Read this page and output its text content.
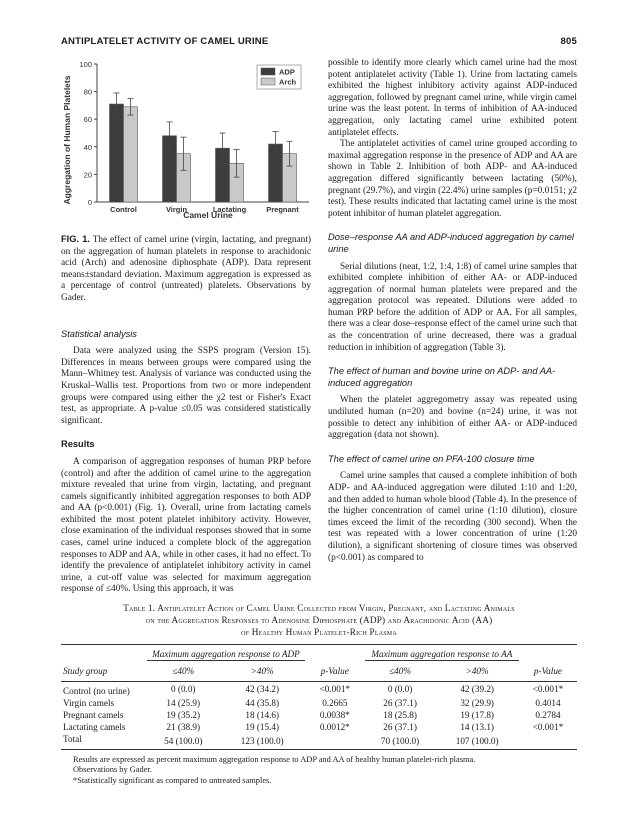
ANTIPLATELET ACTIVITY OF CAMEL URINE	805
0
20
40
60
80
100
Control	Virgin	Lactating	Pregnant
ADP
Arch
Aggregation of Human Platelets
Camel Urine
FIG. 1. The effect of camel urine (virgin, lactating, and pregnant) on the aggregation of human platelets in response to arachidonic acid (Arch) and adenosine diphosphate (ADP). Data represent means±standard deviation. Maximum aggregation is expressed as a percentage of control (untreated) platelets. Observations by Gader.
Statistical analysis

Data were analyzed using the SSPS program (Version 15). Differences in means between groups were compared using the Mann–Whitney test. Analysis of variance was conducted using the Kruskal–Wallis test. Proportions from two or more independent groups were compared using either the χ2 test or Fisher's Exact test, as appropriate. A p-value ≤0.05 was considered statistically significant.

Results

A comparison of aggregation responses of human PRP before (control) and after the addition of camel urine to the aggregation mixture revealed that urine from virgin, lactating, and pregnant camels significantly inhibited aggregation responses to both ADP and AA (p<0.001) (Fig. 1). Overall, urine from lactating camels exhibited the most potent platelet inhibitory activity. However, close examination of the individual responses showed that in some cases, camel urine induced a complete block of the aggregation responses to ADP and AA, while in other cases, it had no effect. To identify the prevalence of antiplatelet inhibitory activity in camel urine, a cut-off value was selected for maximum aggregation response of ≤40%. Using this approach, it was

possible to identify more clearly which camel urine had the most potent antiplatelet activity (Table 1). Urine from lactating camels exhibited the highest inhibitory activity against ADP-induced aggregation, followed by pregnant camel urine, while virgin camel urine was the least potent. In terms of inhibition of AA-induced aggregation, only lactating camel urine exhibited potent antiplatelet effects.

The antiplatelet activities of camel urine grouped according to maximal aggregation response in the presence of ADP and AA are shown in Table 2. Inhibition of both ADP- and AA-induced aggregation differed significantly between lactating (50%), pregnant (29.7%), and virgin (22.4%) urine samples (p=0.0151; χ2 test). These results indicated that lactating camel urine is the most potent inhibitor of human platelet aggregation.

Dose–response AA and ADP-induced aggregation by camel urine

Serial dilutions (neat, 1:2, 1:4, 1:8) of camel urine samples that exhibited complete inhibition of either AA- or ADP-induced aggregation of normal human platelets were prepared and the aggregation protocol was repeated. Dilutions were added to human PRP before the addition of ADP or AA. For all samples, there was a clear dose–response effect of the camel urine such that as the concentration of urine decreased, there was a gradual reduction in inhibition of aggregation (Table 3).

The effect of human and bovine urine on ADP- and AA-induced aggregation

When the platelet aggregometry assay was repeated using undiluted human (n=20) and bovine (n=24) urine, it was not possible to detect any inhibition of either AA- or ADP-induced aggregation (data not shown).

The effect of camel urine on PFA-100 closure time

Camel urine samples that caused a complete inhibition of both ADP- and AA-induced aggregation were diluted 1:10 and 1:20, and then added to human whole blood (Table 4). In the presence of the higher concentration of camel urine (1:10 dilution), closure times exceed the limit of the recording (300 second). When the test was repeated with a lower concentration of urine (1:20 dilution), a significant shortening of closure times was observed (p<0.001) as compared to

Table 1. Antiplatelet Action of Camel Urine Collected from Virgin, Pregnant, and Lactating Animals
on the Aggregation Responses to Adenosine Diphosphate (ADP) and Arachidonic Acid (AA)
of Healthy Human Platelet-Rich Plasma
	Maximum aggregation response to ADP			Maximum aggregation response to AA		
Study group	≤40%	>40%	p-Value	≤40%	>40%	p-Value
Control (no urine)	0 (0.0)	42 (34.2)	<0.001*	0 (0.0)	42 (39.2)	<0.001*
Virgin camels	14 (25.9)	44 (35.8)	0.2665	26 (37.1)	32 (29.9)	0.4014
Pregnant camels	19 (35.2)	18 (14.6)	0.0038*	18 (25.8)	19 (17.8)	0.2784
Lactating camels	21 (38.9)	19 (15.4)	0.0012*	26 (37.1)	14 (13.1)	<0.001*
Total	54 (100.0)	123 (100.0)		70 (100.0)	107 (100.0)	
Results are expressed as percent maximum aggregation response to ADP and AA of healthy human platelet-rich plasma.
Observations by Gader.
*Statistically significant as compared to untreated samples.
